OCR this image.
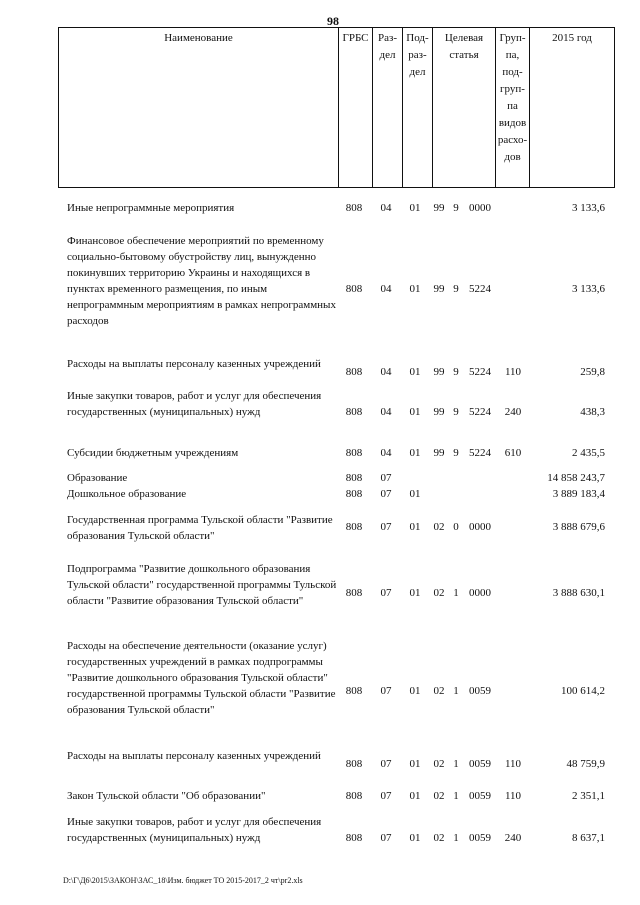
98
Наименование	ГРБС Раз-
дел
Под-
раз-
дел
Целевая
статья
Груп-
па,
под-
груп-
па
видов
расхо-
дов
2015 год
Иные непрограммные мероприятия	808	04	01	99 9 0000	3 133,6
Финансовое обеспечение мероприятий по временному социально-бытовому обустройству лиц, вынужденно покинувших территорию Украины и находящихся в пунктах временного размещения, по иным непрограммным мероприятиям в рамках непрограммных расходов
808	04	01	99 9 5224	3 133,6
Расходы на выплаты персоналу казенных учреждений
808	04	01	99 9 5224	110	259,8
Иные закупки товаров, работ и услуг для обеспечения государственных (муниципальных) нужд	808	04	01	99 9 5224	240	438,3
Субсидии бюджетным учреждениям	808	04	01	99 9 5224	610	2 435,5
Образование	808	07	14 858 243,7
Дошкольное образование	808	07	01	3 889 183,4
Государственная программа Тульской области "Развитие образования Тульской области"
808	07	01	02 0 0000	3 888 679,6
Подпрограмма "Развитие дошкольного образования Тульской области" государственной программы Тульской области "Развитие образования Тульской области"
808	07	01	02 1 0000	3 888 630,1
Расходы на обеспечение деятельности (оказание услуг) государственных учреждений в рамках подпрограммы "Развитие дошкольного образования Тульской области" государственной программы Тульской области "Развитие образования Тульской области"
808	07	01	02 1 0059	100 614,2
Расходы на выплаты персоналу казенных учреждений
808	07	01	02 1 0059	110	48 759,9
Закон Тульской области "Об образовании"	808	07	01	02 1 0059	110	2 351,1
Иные закупки товаров, работ и услуг для обеспечения государственных (муниципальных) нужд	808	07	01	02 1 0059	240	8 637,1
D:\Г\Д6\2015\ЗАКОН\ЗАС_18\Изм. бюджет ТО 2015-2017_2 чт\pr2.xls
